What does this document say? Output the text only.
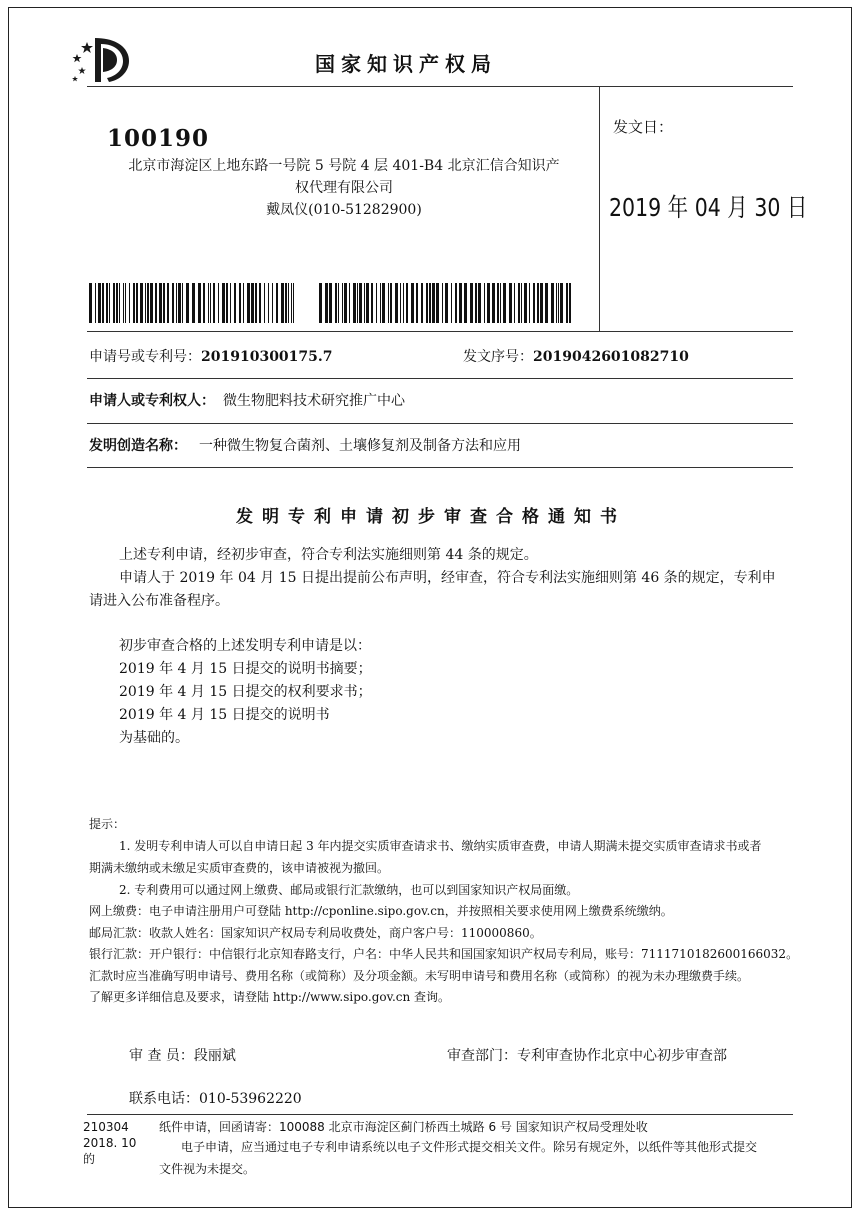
国家知识产权局
100190
北京市海淀区上地东路一号院 5 号院 4 层 401-B4 北京汇信合知识产
权代理有限公司
戴凤仪(010-51282900)
发文日：
2019 年 04 月 30 日
申请号或专利号：201910300175.7	发文序号：2019042601082710
申请人或专利权人： 微生物肥料技术研究推广中心
发明创造名称： 一种微生物复合菌剂、土壤修复剂及制备方法和应用
发明专利申请初步审查合格通知书
上述专利申请，经初步审查，符合专利法实施细则第 44 条的规定。
申请人于 2019 年 04 月 15 日提出提前公布声明，经审查，符合专利法实施细则第 46 条的规定，专利申
请进入公布准备程序。
初步审查合格的上述发明专利申请是以：
2019 年 4 月 15 日提交的说明书摘要；
2019 年 4 月 15 日提交的权利要求书；
2019 年 4 月 15 日提交的说明书
为基础的。
提示：
1. 发明专利申请人可以自申请日起 3 年内提交实质审查请求书、缴纳实质审查费，申请人期满未提交实质审查请求书或者
期满未缴纳或未缴足实质审查费的，该申请被视为撤回。
2. 专利费用可以通过网上缴费、邮局或银行汇款缴纳，也可以到国家知识产权局面缴。
网上缴费：电子申请注册用户可登陆 http://cponline.sipo.gov.cn，并按照相关要求使用网上缴费系统缴纳。
邮局汇款：收款人姓名：国家知识产权局专利局收费处，商户客户号：110000860。
银行汇款：开户银行：中信银行北京知春路支行，户名：中华人民共和国国家知识产权局专利局，账号：7111710182600166032。
汇款时应当准确写明申请号、费用名称（或简称）及分项金额。未写明申请号和费用名称（或简称）的视为未办理缴费手续。
了解更多详细信息及要求，请登陆 http://www.sipo.gov.cn 查询。
审 查 员：段丽斌	审查部门：专利审查协作北京中心初步审查部
联系电话：010-53962220
210304
2018. 10
的
纸件申请，回函请寄：100088 北京市海淀区蓟门桥西土城路 6 号 国家知识产权局受理处收
电子申请，应当通过电子专利申请系统以电子文件形式提交相关文件。除另有规定外，以纸件等其他形式提交
文件视为未提交。
